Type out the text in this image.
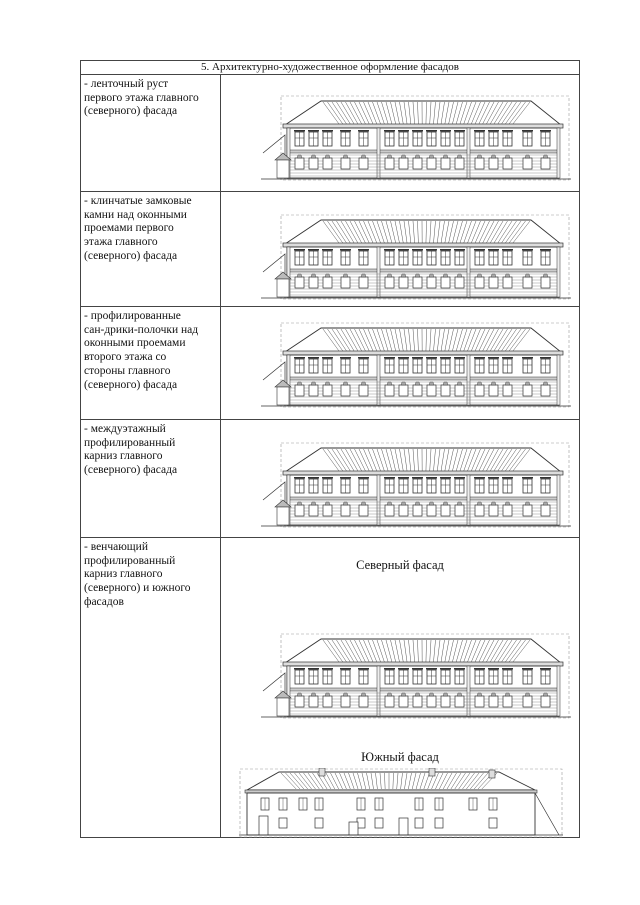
5. Архитектурно-художественное оформление фасадов
- ленточный руст
первого этажа главного
(северного) фасада
- клинчатые замковые
камни над оконными
проемами первого
этажа главного
(северного) фасада
- профилированные
сан-дрики-полочки над
оконными проемами
второго этажа со
стороны главного
(северного) фасада
- междуэтажный
профилированный
карниз главного
(северного) фасада
- венчающий
профилированный
карниз главного
(северного) и южного
фасадов
Северный фасад
Южный фасад
